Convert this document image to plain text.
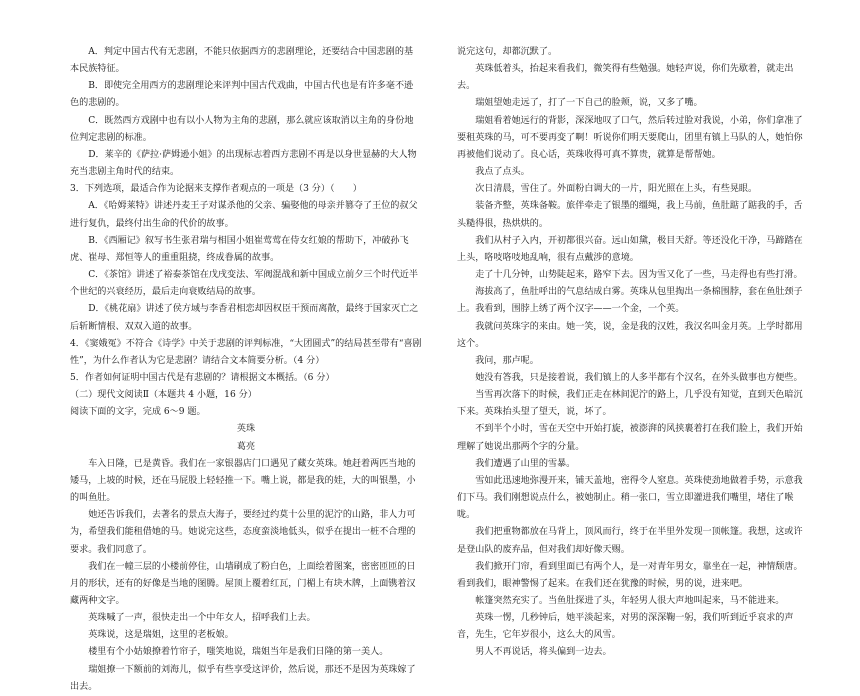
A．判定中国古代有无悲剧，不能只依据西方的悲剧理论，还要结合中国悲剧的基本民族特征。

B．即使完全用西方的悲剧理论来评判中国古代戏曲，中国古代也是有许多毫不逊色的悲剧的。

C．既然西方戏剧中也有以小人物为主角的悲剧，那么就应该取消以主角的身份地位判定悲剧的标准。

D．莱辛的《萨拉·萨姆逊小姐》的出现标志着西方悲剧不再是以身世显赫的大人物充当悲剧主角时代的结束。

3．下列选项，最适合作为论据来支撑作者观点的一项是（3 分）（　　）

A．《哈姆莱特》讲述丹麦王子对谋杀他的父亲、骗娶他的母亲并篡夺了王位的叔父进行复仇，最终付出生命的代价的故事。

B．《西厢记》叙写书生张君瑞与相国小姐崔莺莺在侍女红娘的帮助下，冲破孙飞虎、崔母、郑恒等人的重重阻挠，终成眷属的故事。

C．《茶馆》讲述了裕泰茶馆在戊戌变法、军阀混战和新中国成立前夕三个时代近半个世纪的兴衰经历，最后走向衰败结局的故事。

D．《桃花扇》讲述了侯方域与李香君相恋却因权臣干预而离散，最终于国家灭亡之后斩断情根、双双入道的故事。

4．《窦娥冤》不符合《诗学》中关于悲剧的评判标准，“大团圆式”的结局甚至带有“喜剧性”，为什么作者认为它是悲剧？请结合文本简要分析。（4 分）

5．作者如何证明中国古代是有悲剧的？请根据文本概括。（6 分）

（二）现代文阅读Ⅱ（本题共 4 小题，16 分）

阅读下面的文字，完成 6～9 题。

英珠

葛亮

车入日隆，已是黄昏。我们在一家银器店门口遇见了藏女英珠。她赶着两匹当地的矮马，上坡的时候，还在马屁股上轻轻推一下。嘴上说，都是我的娃，大的叫银墨，小的叫鱼肚。

她还告诉我们，去著名的景点大海子，要经过约莫十公里的泥泞的山路，非人力可为，希望我们能租借她的马。她说完这些，态度蛮淡地低头，似乎在提出一桩不合理的要求。我们同意了。

我们在一幢三层的小楼前停住，山墙刷成了粉白色，上面绘着图案，密密匝匝的日月的形状，还有的好像是当地的图腾。屋顶上覆着红瓦，门楣上有块木牌，上面镌着汉藏两种文字。

英珠喊了一声，很快走出一个中年女人，招呼我们上去。

英珠说，这是瑞姐，这里的老板娘。

楼里有个小姑娘撩着竹帘子，嗤笑地说，瑞姐当年是我们日隆的第一美人。

瑞姐撩一下额前的刘海儿，似乎有些享受这评价，然后说，那还不是因为英珠嫁了出去。

说完这句，却都沉默了。

英珠低着头，抬起来看我们，微笑得有些勉强。她轻声说，你们先歇着，就走出去。

瑞姐望她走远了，打了一下自己的脸颊，说，又多了嘴。

瑞姐看着她远行的背影，深深地叹了口气，然后转过脸对我说，小弟，你们拿准了要租英珠的马，可不要再变了啊！听说你们明天要爬山，团里有镇上马队的人，她怕你再被他们说动了。良心话，英珠收得可真不算贵，就算是帮帮她。

我点了点头。

次日清晨，雪住了。外面粉白调大的一片，阳光照在上头，有些晃眼。

装备齐整，英珠备鞍。旅伴牵走了银墨的缰绳，我上马前，鱼肚踮了踮我的手，舌头糙得很，热烘烘的。

我们从村子入内，开初都很兴奋。远山如黛，极目天舒。等还没化干净，马蹄踏在上头，咯吱咯吱地乱响，很有点戴涉的意境。

走了十几分钟，山势陡起来，路窄下去。因为雪又化了一些，马走得也有些打滑。

海拔高了，鱼肚呼出的气息结成白雾。英珠从包里掏出一条棉围脖，套在鱼肚颈子上。我看到，围脖上绣了两个汉字——一个金，一个英。

我就问英珠字的来由。她一笑，说，金是我的汉姓，我汉名叫金月英。上学时都用这个。

我问，那卢呢。

她没有答我，只是接着说，我们镇上的人多半都有个汉名，在外头做事也方便些。

当雪再次落下的时候，我们正走在林间泥泞的路上，几乎没有知觉，直到天色暗沉下来。英珠抬头望了望天，说，坏了。

不到半个小时，雪在天空中开始打旋，被澎湃的风挟裹着打在我们脸上，我们开始理解了她说出那两个字的分量。

我们遭遇了山里的雪暴。

雪如此迅速地弥漫开来，铺天盖地，密得令人窒息。英珠使劲地做着手势，示意我们下马。我们刚想说点什么，被她制止。稍一张口，雪立即灌进我们嘴里，堵住了喉咙。

我们把重物都放在马背上，顶风而行，终于在半里外发现一顶帐篷。我想，这或许是登山队的废弃品，但对我们却好像天赐。

我们掀开门帘，看到里面已有两个人，是一对青年男女，靠坐在一起，神情颓唐。看到我们，眼神警惕了起来。在我们还在犹豫的时候，男的说，进来吧。

帐篷突然充实了。当鱼肚探进了头，年轻男人很大声地叫起来，马不能进来。

英珠一愣，几秒钟后，她平淡起来，对男的深深鞠一躬，我们听到近乎哀求的声音，先生，它年岁很小，这么大的风雪。

男人不再说话，将头偏到一边去。
